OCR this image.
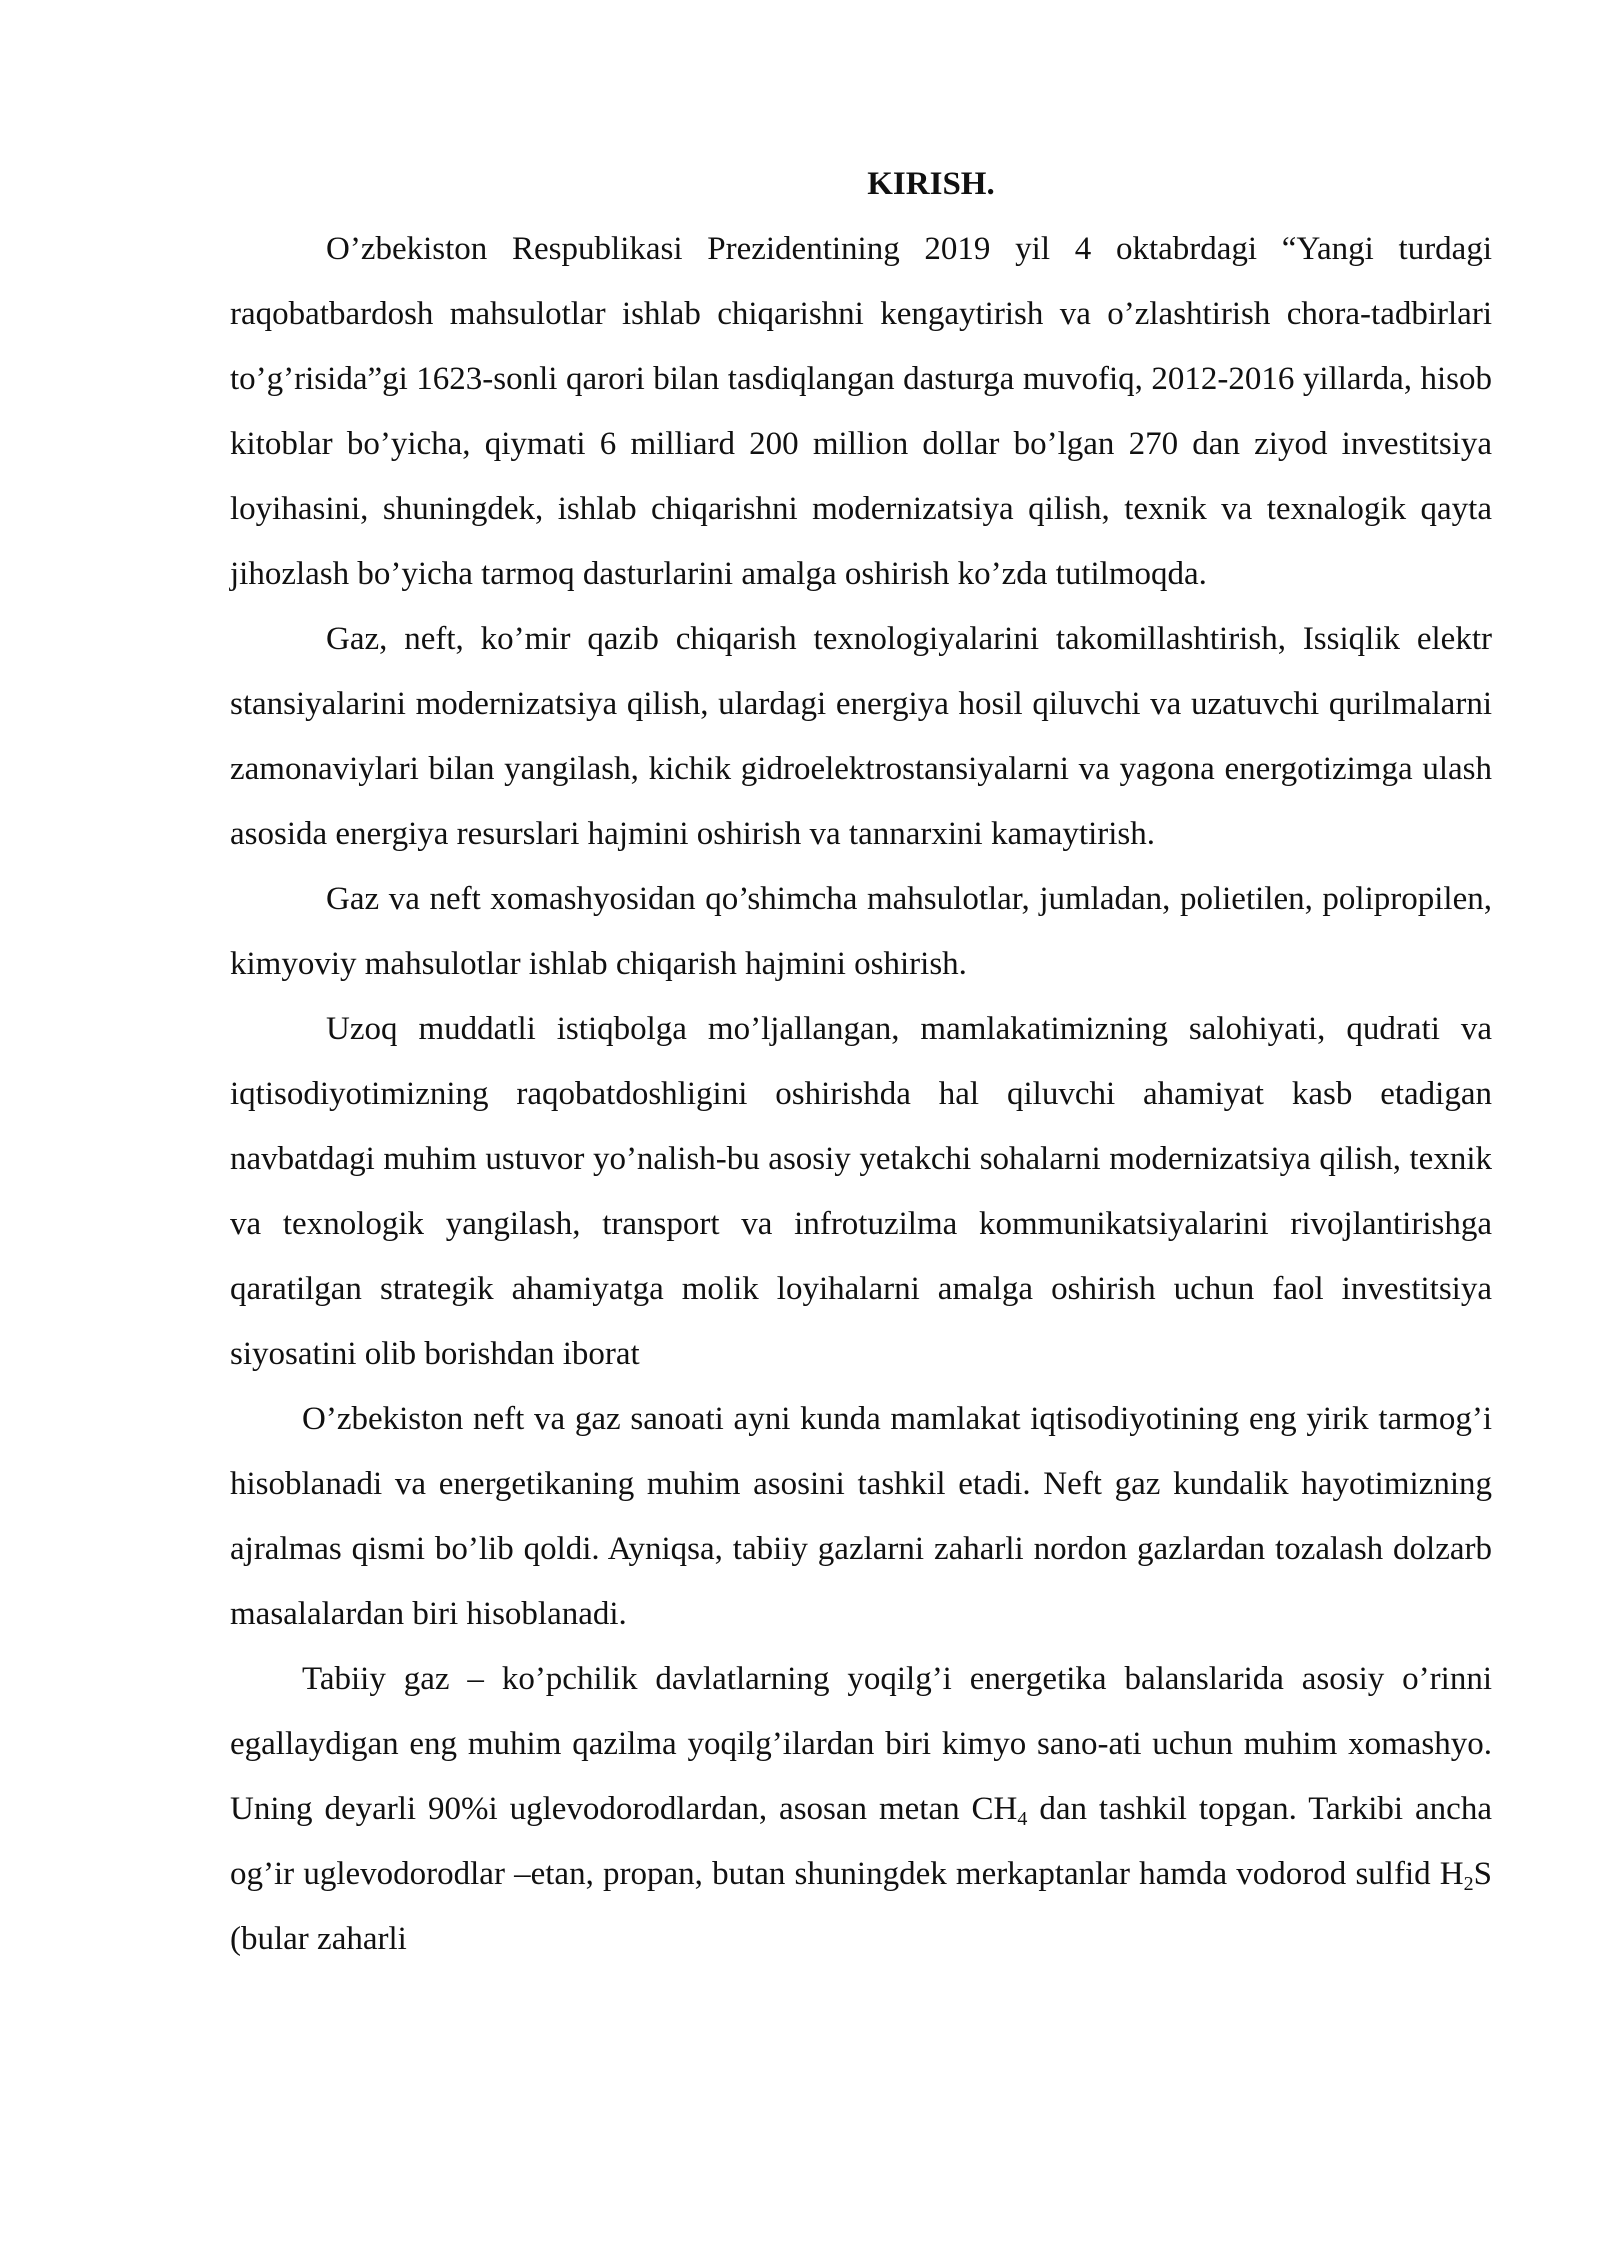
KIRISH.

O’zbekiston Respublikasi Prezidentining 2019 yil 4 oktabrdagi “Yangi turdagi raqobatbardosh mahsulotlar ishlab chiqarishni kengaytirish va o’zlashtirish chora-tadbirlari to’g’risida”gi 1623-sonli qarori bilan tasdiqlangan dasturga muvofiq, 2012-2016 yillarda, hisob kitoblar bo’yicha, qiymati 6 milliard 200 million dollar bo’lgan 270 dan ziyod investitsiya loyihasini, shuningdek, ishlab chiqarishni modernizatsiya qilish, texnik va texnalogik qayta jihozlash bo’yicha tarmoq dasturlarini amalga oshirish ko’zda tutilmoqda.

Gaz, neft, ko’mir qazib chiqarish texnologiyalarini takomillashtirish, Issiqlik elektr stansiyalarini modernizatsiya qilish, ulardagi energiya hosil qiluvchi va uzatuvchi qurilmalarni zamonaviylari bilan yangilash, kichik gidroelektrostansiyalarni va yagona energotizimga ulash asosida energiya resurslari hajmini oshirish va tannarxini kamaytirish.

Gaz va neft xomashyosidan qo’shimcha mahsulotlar, jumladan, polietilen, polipropilen, kimyoviy mahsulotlar ishlab chiqarish hajmini oshirish.

Uzoq muddatli istiqbolga mo’ljallangan, mamlakatimizning salohiyati, qudrati va iqtisodiyotimizning raqobatdoshligini oshirishda hal qiluvchi ahamiyat kasb etadigan navbatdagi muhim ustuvor yo’nalish-bu asosiy yetakchi sohalarni modernizatsiya qilish, texnik va texnologik yangilash, transport va infrotuzilma kommunikatsiyalarini rivojlantirishga qaratilgan strategik ahamiyatga molik loyihalarni amalga oshirish uchun faol investitsiya siyosatini olib borishdan iborat

O’zbekiston neft va gaz sanoati ayni kunda mamlakat iqtisodiyotining eng yirik tarmog’i hisoblanadi va energetikaning muhim asosini tashkil etadi. Neft gaz kundalik hayotimizning ajralmas qismi bo’lib qoldi. Ayniqsa, tabiiy gazlarni zaharli nordon gazlardan tozalash dolzarb masalalardan biri hisoblanadi.

Tabiiy gaz – ko’pchilik davlatlarning yoqilg’i energetika balanslarida asosiy o’rinni egallaydigan eng muhim qazilma yoqilg’ilardan biri kimyo sano-ati uchun muhim xomashyo. Uning deyarli 90%i uglevodorodlardan, asosan metan $CH_4$ dan tashkil topgan. Tarkibi ancha og’ir uglevodorodlar –etan, propan, butan shuningdek merkaptanlar hamda vodorod sulfid $H_2S$ (bular zaharli
